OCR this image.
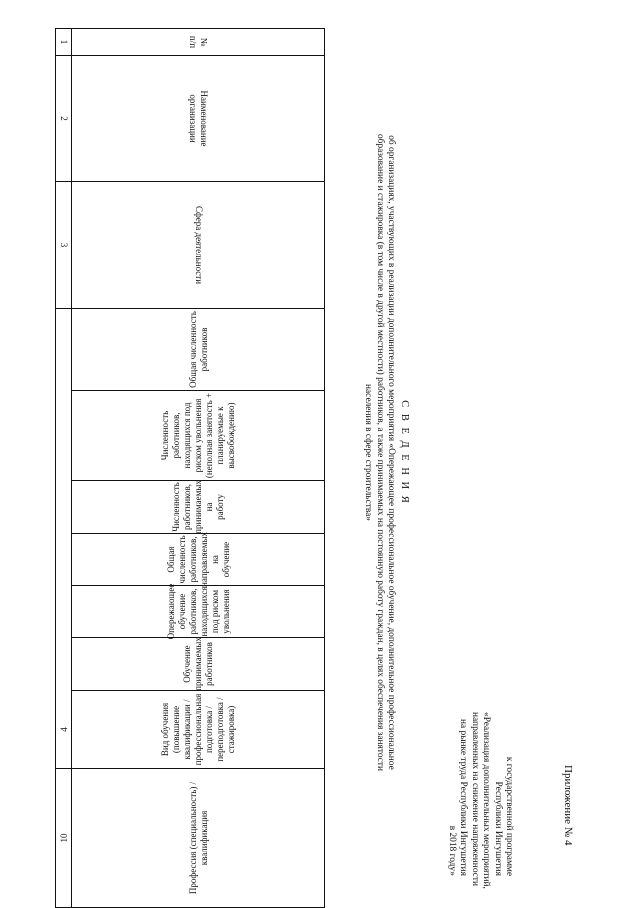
Приложение № 4
к государственной программе
Республики Ингушетия
«Реализация дополнительных мероприятий,
направленных на снижение напряженности
на рынке труда Республики Ингушетия
в 2018 году»
С В Е Д Е Н И Я
об организациях, участвующих в реализации дополнительного мероприятия «Опережающее профессиональное обучение, дополнительное профессиональное
образование и стажировка (в том числе в другой местности) работников, а также принимаемых на постоянную работу граждан, в целях обеспечения занятости
населения в сфере строительства»
№
п/п
Наименование
организации
Сфера деятельности
Общая численность работников
Численность работников, находящихся под риском увольнения (неполная занятость + планируемые к высвобождению)
Численность работников, принимаемых на работу
Общая численность работников, направляемых на обучение
Опережающее обучение работников, находящихся под риском увольнения
Обучение принимаемых работников
Вид обучения (повышение квалификации / профессиональная подготовка / переподготовка / стажировка)
Профессия (специальность) / квалификация
1
2
3
4
10
